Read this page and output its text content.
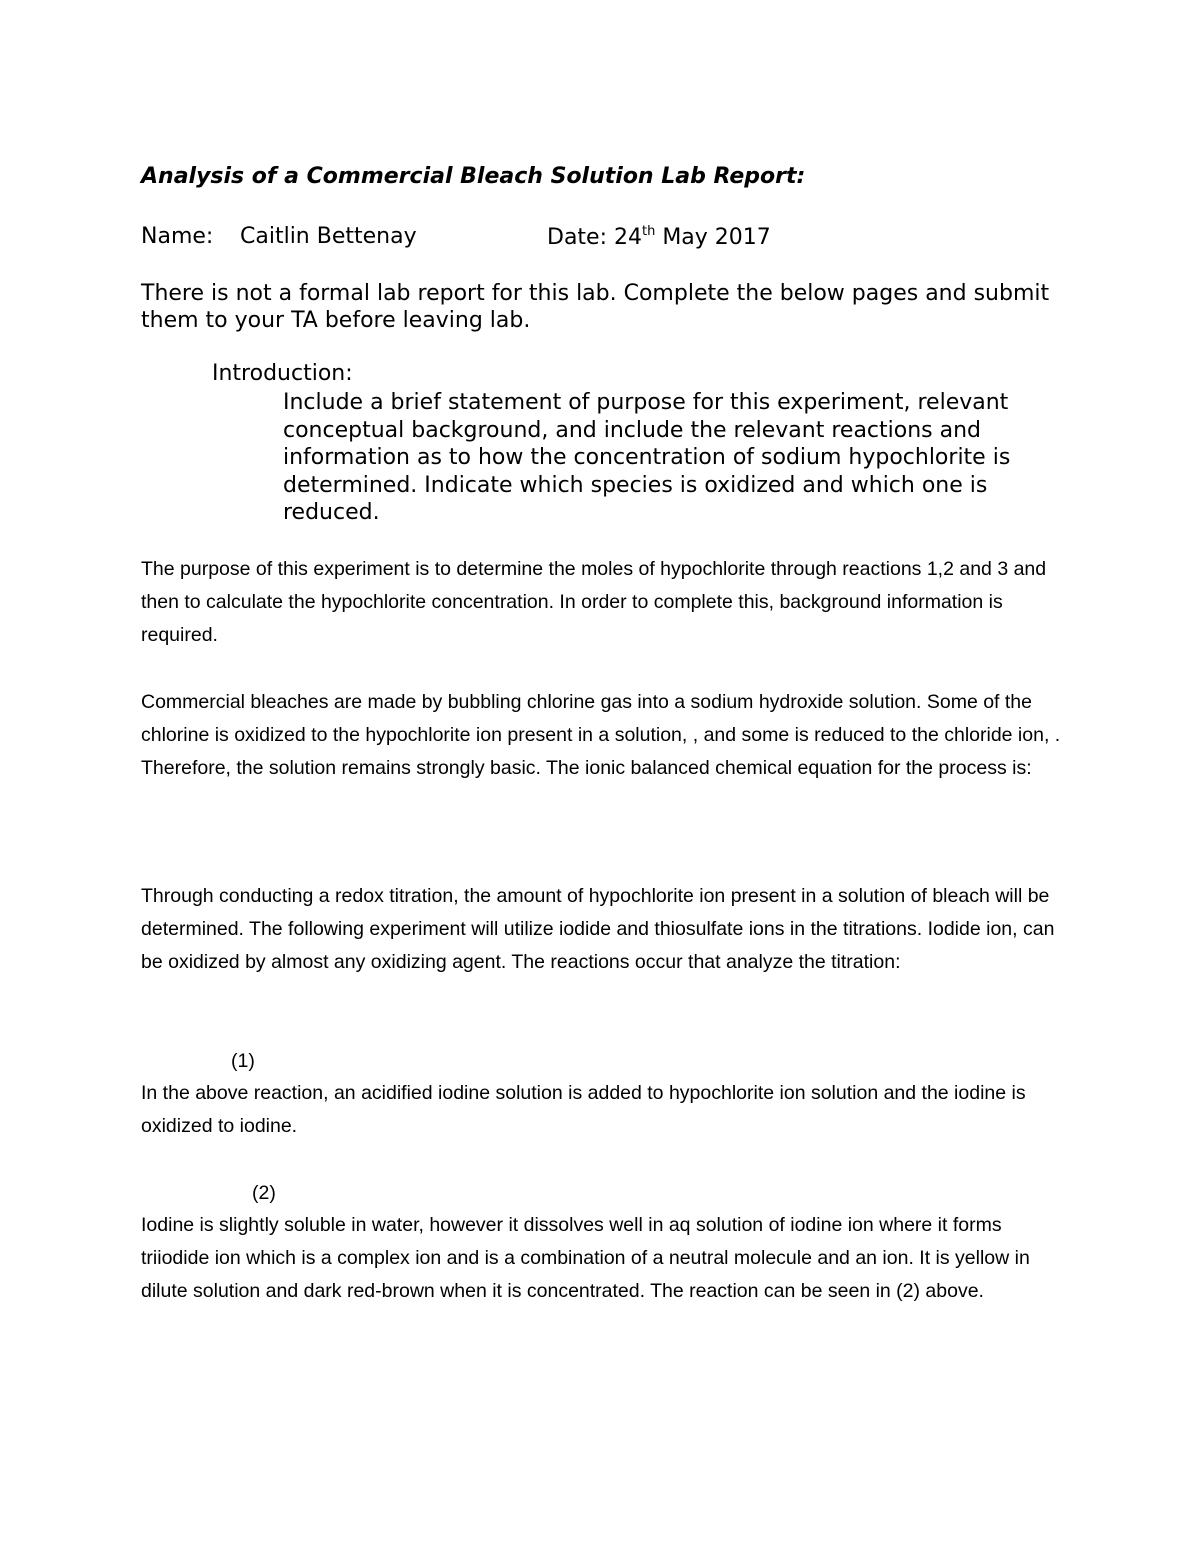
Analysis of a Commercial Bleach Solution Lab Report:
Name: Caitlin Bettenay	Date: 24th May 2017
There is not a formal lab report for this lab. Complete the below pages and submit them to your TA before leaving lab.
Introduction:
Include a brief statement of purpose for this experiment, relevant conceptual background, and include the relevant reactions and information as to how the concentration of sodium hypochlorite is determined. Indicate which species is oxidized and which one is reduced.
The purpose of this experiment is to determine the moles of hypochlorite through reactions 1,2 and 3 and then to calculate the hypochlorite concentration. In order to complete this, background information is required.
Commercial bleaches are made by bubbling chlorine gas into a sodium hydroxide solution. Some of the chlorine is oxidized to the hypochlorite ion present in a solution, , and some is reduced to the chloride ion, . Therefore, the solution remains strongly basic. The ionic balanced chemical equation for the process is:
Through conducting a redox titration, the amount of hypochlorite ion present in a solution of bleach will be determined. The following experiment will utilize iodide and thiosulfate ions in the titrations. Iodide ion, can be oxidized by almost any oxidizing agent. The reactions occur that analyze the titration:
(1)
In the above reaction, an acidified iodine solution is added to hypochlorite ion solution and the iodine is oxidized to iodine.
(2)
Iodine is slightly soluble in water, however it dissolves well in aq solution of iodine ion where it forms triiodide ion which is a complex ion and is a combination of a neutral molecule and an ion. It is yellow in dilute solution and dark red-brown when it is concentrated. The reaction can be seen in (2) above.
